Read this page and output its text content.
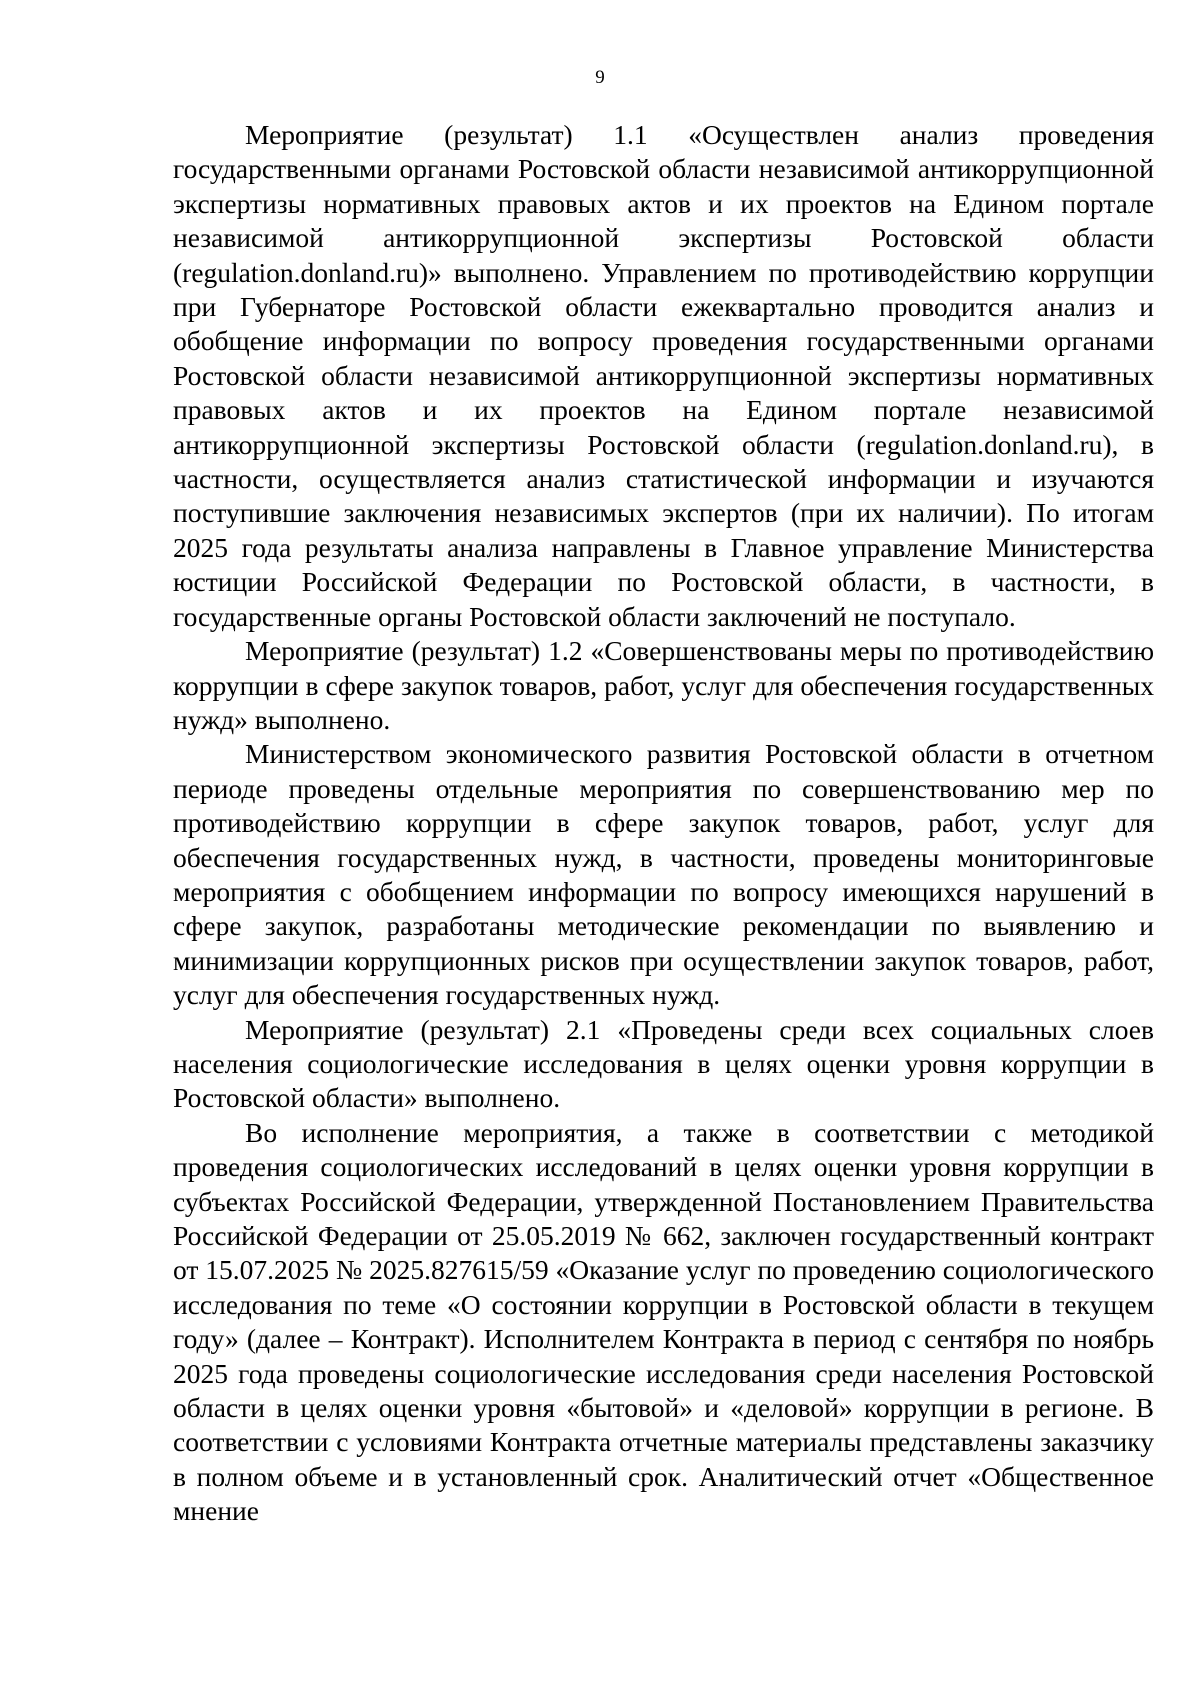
9

Мероприятие (результат) 1.1 «Осуществлен анализ проведения государственными органами Ростовской области независимой антикоррупционной экспертизы нормативных правовых актов и их проектов на Едином портале независимой антикоррупционной экспертизы Ростовской области (regulation.donland.ru)» выполнено. Управлением по противодействию коррупции при Губернаторе Ростовской области ежеквартально проводится анализ и обобщение информации по вопросу проведения государственными органами Ростовской области независимой антикоррупционной экспертизы нормативных правовых актов и их проектов на Едином портале независимой антикоррупционной экспертизы Ростовской области (regulation.donland.ru), в частности, осуществляется анализ статистической информации и изучаются поступившие заключения независимых экспертов (при их наличии). По итогам 2025 года результаты анализа направлены в Главное управление Министерства юстиции Российской Федерации по Ростовской области, в частности, в государственные органы Ростовской области заключений не поступало.

Мероприятие (результат) 1.2 «Совершенствованы меры по противодействию коррупции в сфере закупок товаров, работ, услуг для обеспечения государственных нужд» выполнено.

Министерством экономического развития Ростовской области в отчетном периоде проведены отдельные мероприятия по совершенствованию мер по противодействию коррупции в сфере закупок товаров, работ, услуг для обеспечения государственных нужд, в частности, проведены мониторинговые мероприятия с обобщением информации по вопросу имеющихся нарушений в сфере закупок, разработаны методические рекомендации по выявлению и минимизации коррупционных рисков при осуществлении закупок товаров, работ, услуг для обеспечения государственных нужд.

Мероприятие (результат) 2.1 «Проведены среди всех социальных слоев населения социологические исследования в целях оценки уровня коррупции в Ростовской области» выполнено.

Во исполнение мероприятия, а также в соответствии с методикой проведения социологических исследований в целях оценки уровня коррупции в субъектах Российской Федерации, утвержденной Постановлением Правительства Российской Федерации от 25.05.2019 № 662, заключен государственный контракт от 15.07.2025 № 2025.827615/59 «Оказание услуг по проведению социологического исследования по теме «О состоянии коррупции в Ростовской области в текущем году» (далее – Контракт). Исполнителем Контракта в период с сентября по ноябрь 2025 года проведены социологические исследования среди населения Ростовской области в целях оценки уровня «бытовой» и «деловой» коррупции в регионе. В соответствии с условиями Контракта отчетные материалы представлены заказчику в полном объеме и в установленный срок. Аналитический отчет «Общественное мнение
